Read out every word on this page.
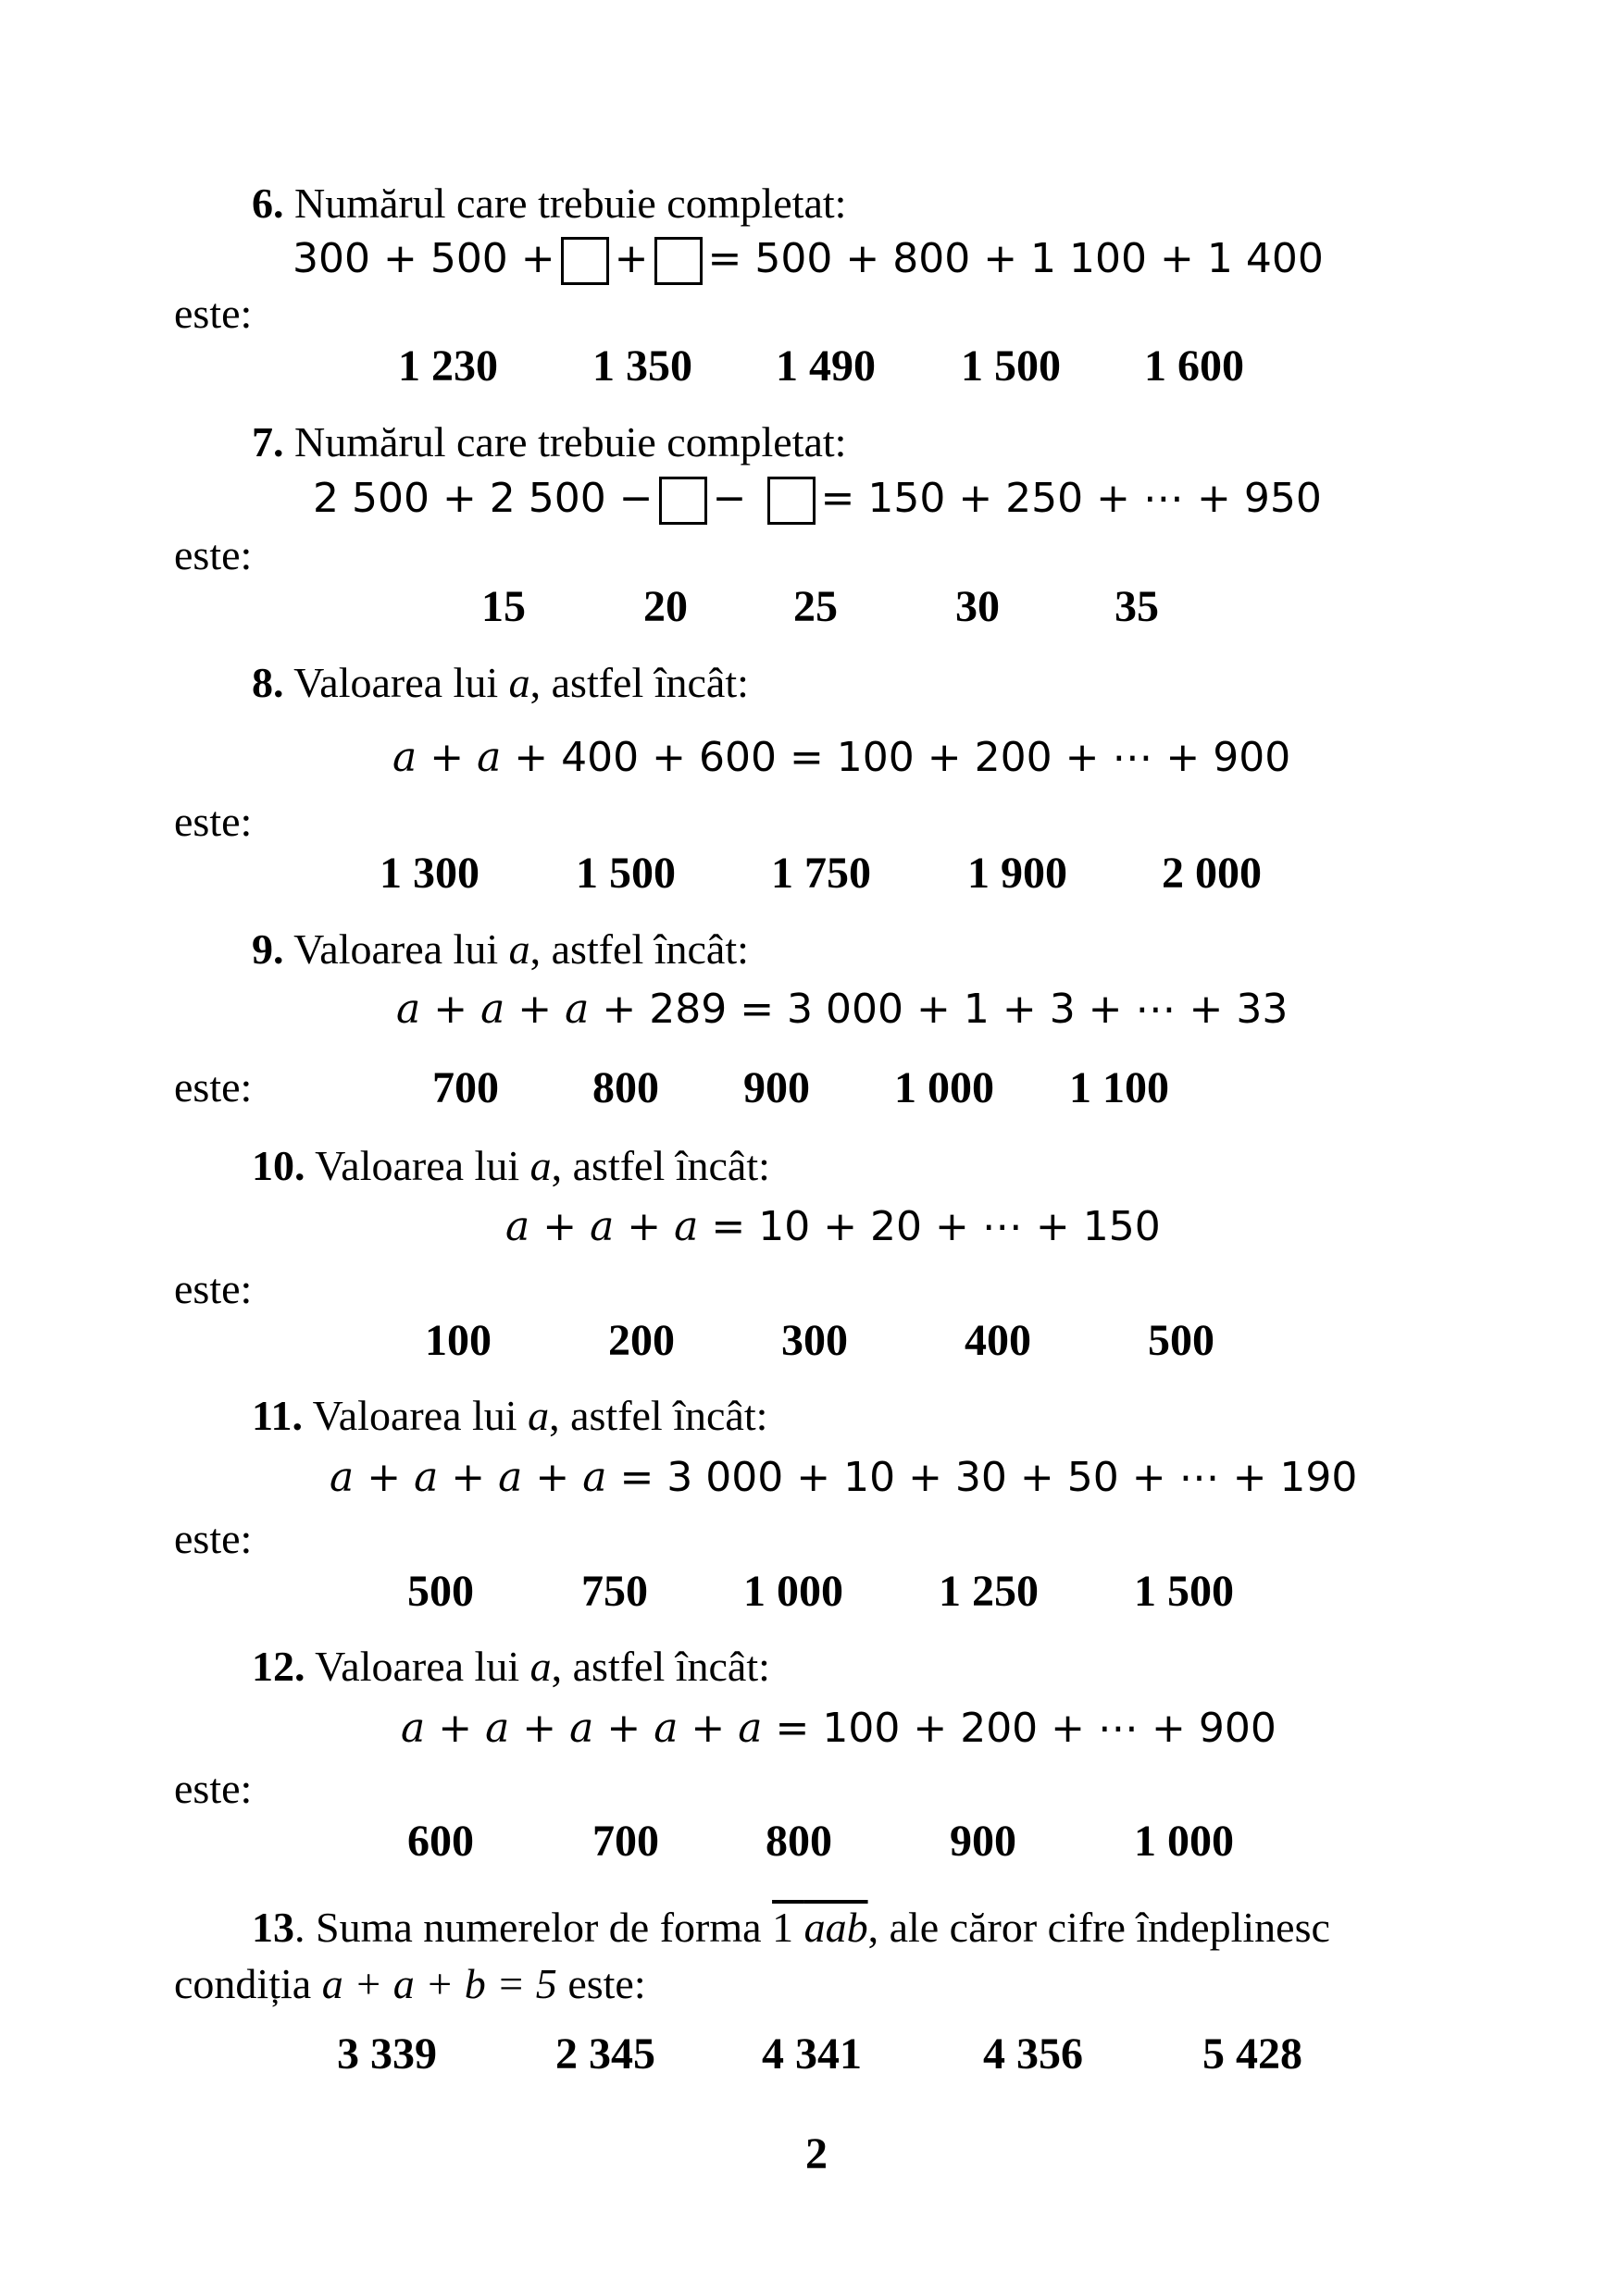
6. Numărul care trebuie completat:
300 + 500 + + = 500 + 800 + 1 100 + 1 400
este:
1 230 1 350 1 490 1 500 1 600
7. Numărul care trebuie completat:
2 500 + 2 500 − − = 150 + 250 + ⋯ + 950
este:
15	20 25	30	35
8. Valoarea lui a, astfel încât:
a + a + 400 + 600 = 100 + 200 + ⋯ + 900
este:
1 300 1 500 1 750 1 900 2 000
9. Valoarea lui a, astfel încât:
a + a + a + 289 = 3 000 + 1 + 3 + ⋯ + 33
este:	700 800 900 1 000 1 100
10. Valoarea lui a, astfel încât:
a + a + a = 10 + 20 + ⋯ + 150
este:
100	200 300	400	500
11. Valoarea lui a, astfel încât:
a + a + a + a = 3 000 + 10 + 30 + 50 + ⋯ + 190
este:
500 750 1 000 1 250 1 500
12. Valoarea lui a, astfel încât:
a + a + a + a + a = 100 + 200 + ⋯ + 900
este:
600	700 800	900	1 000
13. Suma numerelor de forma 1 aab, ale căror cifre îndeplinesc
condiția a + a + b = 5 este:
3 339	2 345 4 341	4 356	5 428
2
